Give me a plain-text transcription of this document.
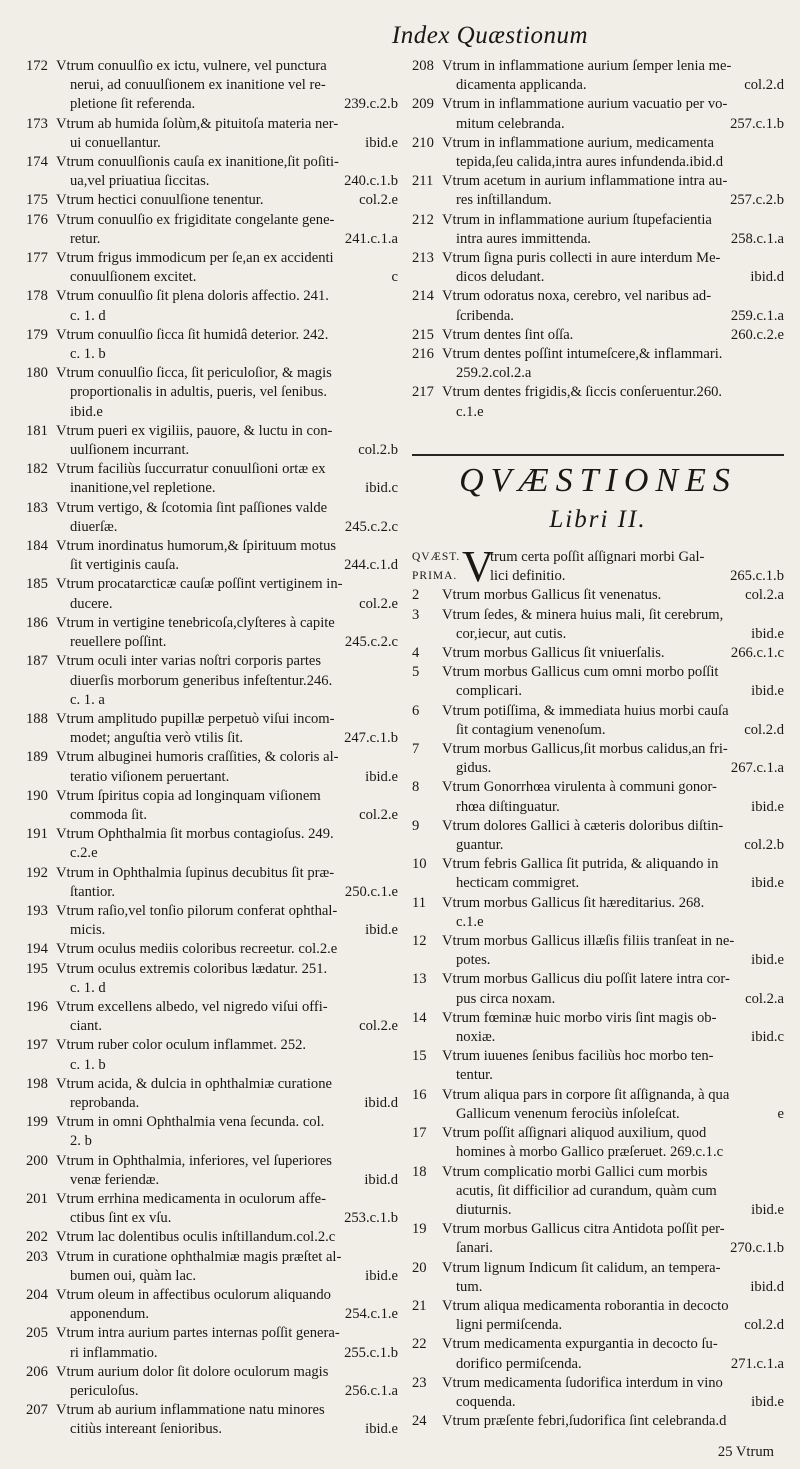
Index Quæstionum
172 Vtrum conuulſio ex ictu, vulnere, vel punctura
nerui, ad conuulſionem ex inanitione vel re-
pletione ſit referenda.	239.c.2.b
173 Vtrum ab humida ſolùm,& pituitoſa materia ner-
ui conuellantur.	ibid.e
174 Vtrum conuulſionis cauſa ex inanitione,ſit poſiti-
ua,vel priuatiua ſiccitas.	240.c.1.b
175 Vtrum hectici conuulſione tenentur.	col.2.e
176 Vtrum conuulſio ex frigiditate congelante gene-
retur.	241.c.1.a
177 Vtrum frigus immodicum per ſe,an ex accidenti
conuulſionem excitet.	c
178 Vtrum conuulſio ſit plena doloris affectio. 241.
c. 1. d
179 Vtrum conuulſio ſicca ſit humidâ deterior. 242.
c. 1. b
180 Vtrum conuulſio ſicca, ſit periculoſior, & magis
proportionalis in adultis, pueris, vel ſenibus.
ibid.e
181 Vtrum pueri ex vigiliis, pauore, & luctu in con-
uulſionem incurrant.	col.2.b
182 Vtrum faciliùs ſuccurratur conuulſioni ortæ ex
inanitione,vel repletione.	ibid.c
183 Vtrum vertigo, & ſcotomia ſint paſſiones valde
diuerſæ.	245.c.2.c
184 Vtrum inordinatus humorum,& ſpirituum motus
ſit vertiginis cauſa.	244.c.1.d
185 Vtrum procatarcticæ cauſæ poſſint vertiginem in-
ducere.	col.2.e
186 Vtrum in vertigine tenebricoſa,clyſteres à capite
reuellere poſſint.	245.c.2.c
187 Vtrum oculi inter varias noſtri corporis partes
diuerſis morborum generibus infeſtentur.246.
c. 1. a
188 Vtrum amplitudo pupillæ perpetuò viſui incom-
modet; anguſtia verò vtilis ſit.	247.c.1.b
189 Vtrum albuginei humoris craſſities, & coloris al-
teratio viſionem peruertant.	ibid.e
190 Vtrum ſpiritus copia ad longinquam viſionem
commoda ſit.	col.2.e
191 Vtrum Ophthalmia ſit morbus contagioſus. 249.
c.2.e
192 Vtrum in Ophthalmia ſupinus decubitus ſit præ-
ſtantior.	250.c.1.e
193 Vtrum raſio,vel tonſio pilorum conferat ophthal-
micis.	ibid.e
194 Vtrum oculus mediis coloribus recreetur. col.2.e
195 Vtrum oculus extremis coloribus lædatur. 251.
c. 1. d
196 Vtrum excellens albedo, vel nigredo viſui offi-
ciant.	col.2.e
197 Vtrum ruber color oculum inflammet. 252.
c. 1. b
198 Vtrum acida, & dulcia in ophthalmiæ curatione
reprobanda.	ibid.d
199 Vtrum in omni Ophthalmia vena ſecunda. col.
2. b
200 Vtrum in Ophthalmia, inferiores, vel ſuperiores
venæ feriendæ.	ibid.d
201 Vtrum errhina medicamenta in oculorum affe-
ctibus ſint ex vſu.	253.c.1.b
202 Vtrum lac dolentibus oculis inſtillandum.col.2.c
203 Vtrum in curatione ophthalmiæ magis præſtet al-
bumen oui, quàm lac.	ibid.e
204 Vtrum oleum in affectibus oculorum aliquando
apponendum.	254.c.1.e
205 Vtrum intra aurium partes internas poſſit genera-
ri inflammatio.	255.c.1.b
206 Vtrum aurium dolor ſit dolore oculorum magis
periculoſus.	256.c.1.a
207 Vtrum ab aurium inflammatione natu minores
citiùs intereant ſenioribus.	ibid.e
208 Vtrum in inflammatione aurium ſemper lenia me-
dicamenta applicanda.	col.2.d
209 Vtrum in inflammatione aurium vacuatio per vo-
mitum celebranda.	257.c.1.b
210 Vtrum in inflammatione aurium, medicamenta
tepida,ſeu calida,intra aures infundenda.ibid.d
211 Vtrum acetum in aurium inflammatione intra au-
res inſtillandum.	257.c.2.b
212 Vtrum in inflammatione aurium ſtupefacientia
intra aures immittenda.	258.c.1.a
213 Vtrum ſigna puris collecti in aure interdum Me-
dicos deludant.	ibid.d
214 Vtrum odoratus noxa, cerebro, vel naribus ad-
ſcribenda.	259.c.1.a
215 Vtrum dentes ſint oſſa.	260.c.2.e
216 Vtrum dentes poſſint intumeſcere,& inflammari.
259.2.col.2.a
217 Vtrum dentes frigidis,& ſiccis conſeruentur.260.
c.1.e
QVÆSTIONES
Libri II.
QVÆST.
PRIMA. V
trum certa poſſit aſſignari morbi Gal-
lici definitio.	265.c.1.b
2 Vtrum morbus Gallicus ſit venenatus.	col.2.a
3 Vtrum ſedes, & minera huius mali, ſit cerebrum,
cor,iecur, aut cutis.	ibid.e
4 Vtrum morbus Gallicus ſit vniuerſalis.	266.c.1.c
5 Vtrum morbus Gallicus cum omni morbo poſſit
complicari.	ibid.e
6 Vtrum potiſſima, & immediata huius morbi cauſa
ſit contagium venenoſum.	col.2.d
7 Vtrum morbus Gallicus,ſit morbus calidus,an fri-
gidus.	267.c.1.a
8 Vtrum Gonorrhœa virulenta à communi gonor-
rhœa diſtinguatur.	ibid.e
9 Vtrum dolores Gallici à cæteris doloribus diſtin-
guantur.	col.2.b
10 Vtrum febris Gallica ſit putrida, & aliquando in
hecticam commigret.	ibid.e
11 Vtrum morbus Gallicus ſit hæreditarius. 268.
c.1.e
12 Vtrum morbus Gallicus illæſis filiis tranſeat in ne-
potes.	ibid.e
13 Vtrum morbus Gallicus diu poſſit latere intra cor-
pus circa noxam.	col.2.a
14 Vtrum fœminæ huic morbo viris ſint magis ob-
noxiæ.	ibid.c
15 Vtrum iuuenes ſenibus faciliùs hoc morbo ten-
tentur.
16 Vtrum aliqua pars in corpore ſit aſſignanda, à qua
Gallicum venenum ferociùs inſoleſcat.	e
17 Vtrum poſſit aſſignari aliquod auxilium, quod
homines à morbo Gallico præſeruet. 269.c.1.c
18 Vtrum complicatio morbi Gallici cum morbis
acutis, ſit difficilior ad curandum, quàm cum
diuturnis.	ibid.e
19 Vtrum morbus Gallicus citra Antidota poſſit per-
ſanari.	270.c.1.b
20 Vtrum lignum Indicum ſit calidum, an tempera-
tum.	ibid.d
21 Vtrum aliqua medicamenta roborantia in decocto
ligni permiſcenda.	col.2.d
22 Vtrum medicamenta expurgantia in decocto ſu-
dorifico permiſcenda.	271.c.1.a
23 Vtrum medicamenta ſudorifica interdum in vino
coquenda.	ibid.e
24 Vtrum præſente febri,ſudorifica ſint celebranda.d
25 Vtrum
